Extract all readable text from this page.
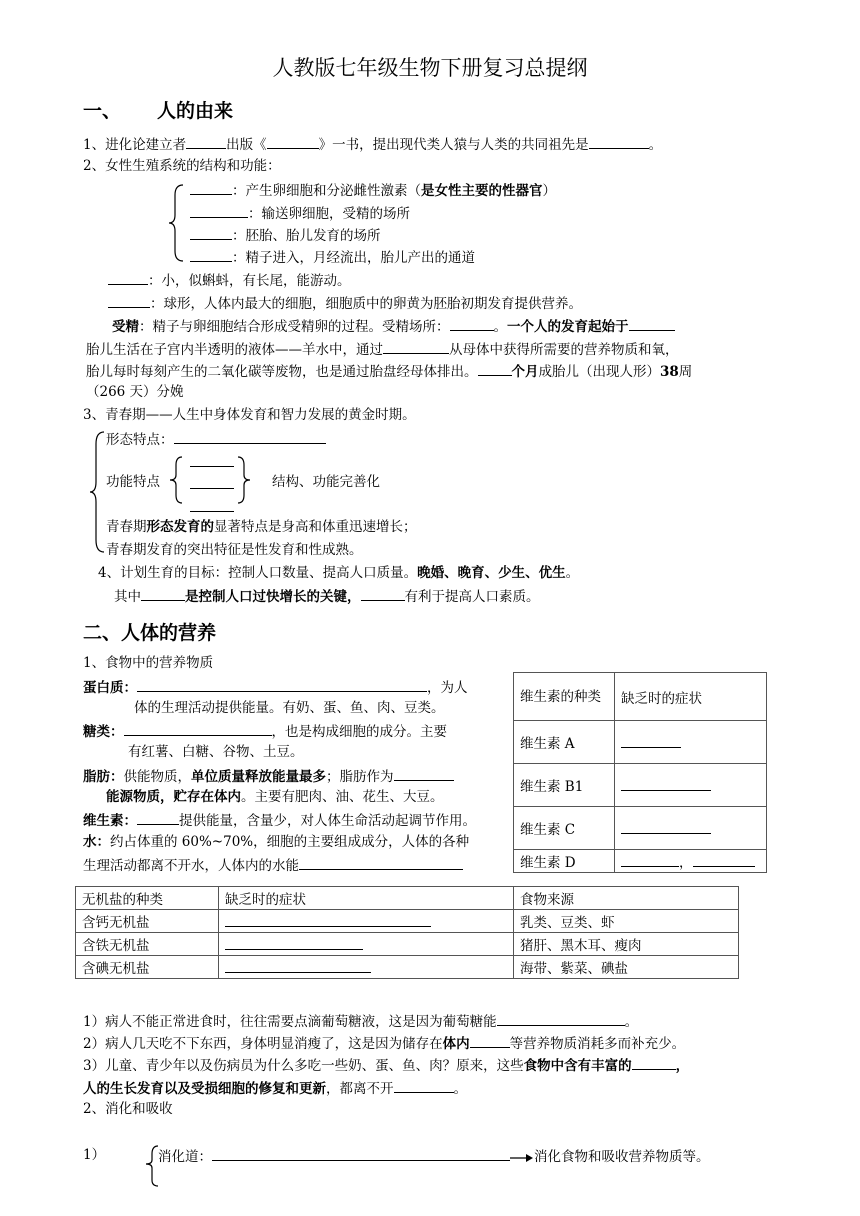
人教版七年级生物下册复习总提纲
一、 人的由来
1、进化论建立者	出版《	》一书，提出现代类人猿与人类的共同祖先是	。
2、女性生殖系统的结构和功能：
：产生卵细胞和分泌雌性激素（是女性主要的性器官）
：输送卵细胞，受精的场所
：胚胎、胎儿发育的场所
：精子进入，月经流出，胎儿产出的通道
：小，似蝌蚪，有长尾，能游动。
：球形，人体内最大的细胞，细胞质中的卵黄为胚胎初期发育提供营养。
受精：精子与卵细胞结合形成受精卵的过程。受精场所：	。一个人的发育起始于
胎儿生活在子宫内半透明的液体——羊水中，通过	从母体中获得所需要的营养物质和氧，
胎儿每时每刻产生的二氧化碳等废物，也是通过胎盘经母体排出。	个月成胎儿（出现人形）38周
（266 天）分娩
3、青春期——人生中身体发育和智力发展的黄金时期。
形态特点：
功能特点	结构、功能完善化
青春期形态发育的显著特点是身高和体重迅速增长；
青春期发育的突出特征是性发育和性成熟。
4、计划生育的目标：控制人口数量、提高人口质量。晚婚、晚育、少生、优生。
其中	是控制人口过快增长的关键，	有利于提高人口素质。
二、人体的营养
1、食物中的营养物质
蛋白质：	，为人
体的生理活动提供能量。有奶、蛋、鱼、肉、豆类。
糖类：	，也是构成细胞的成分。主要
有红薯、白糖、谷物、土豆。
脂肪：供能物质，单位质量释放能量最多；脂肪作为
能源物质，贮存在体内。主要有肥肉、油、花生、大豆。
维生素：	提供能量，含量少，对人体生命活动起调节作用。
水：约占体重的 60%~70%，细胞的主要组成成分，人体的各种
生理活动都离不开水，人体内的水能
维生素的种类	缺乏时的症状
维生素 A	
维生素 B1	
维生素 C	
维生素 D	，
无机盐的种类	缺乏时的症状	食物来源
含钙无机盐		乳类、豆类、虾
含铁无机盐		猪肝、黑木耳、瘦肉
含碘无机盐		海带、紫菜、碘盐
1）病人不能正常进食时，往往需要点滴葡萄糖液，这是因为葡萄糖能	。
2）病人几天吃不下东西，身体明显消瘦了，这是因为储存在体内	等营养物质消耗多而补充少。
3）儿童、青少年以及伤病员为什么多吃一些奶、蛋、鱼、肉？原来，这些食物中含有丰富的	，
人的生长发育以及受损细胞的修复和更新，都离不开	。
2、消化和吸收
1）	消化道：	消化食物和吸收营养物质等。
